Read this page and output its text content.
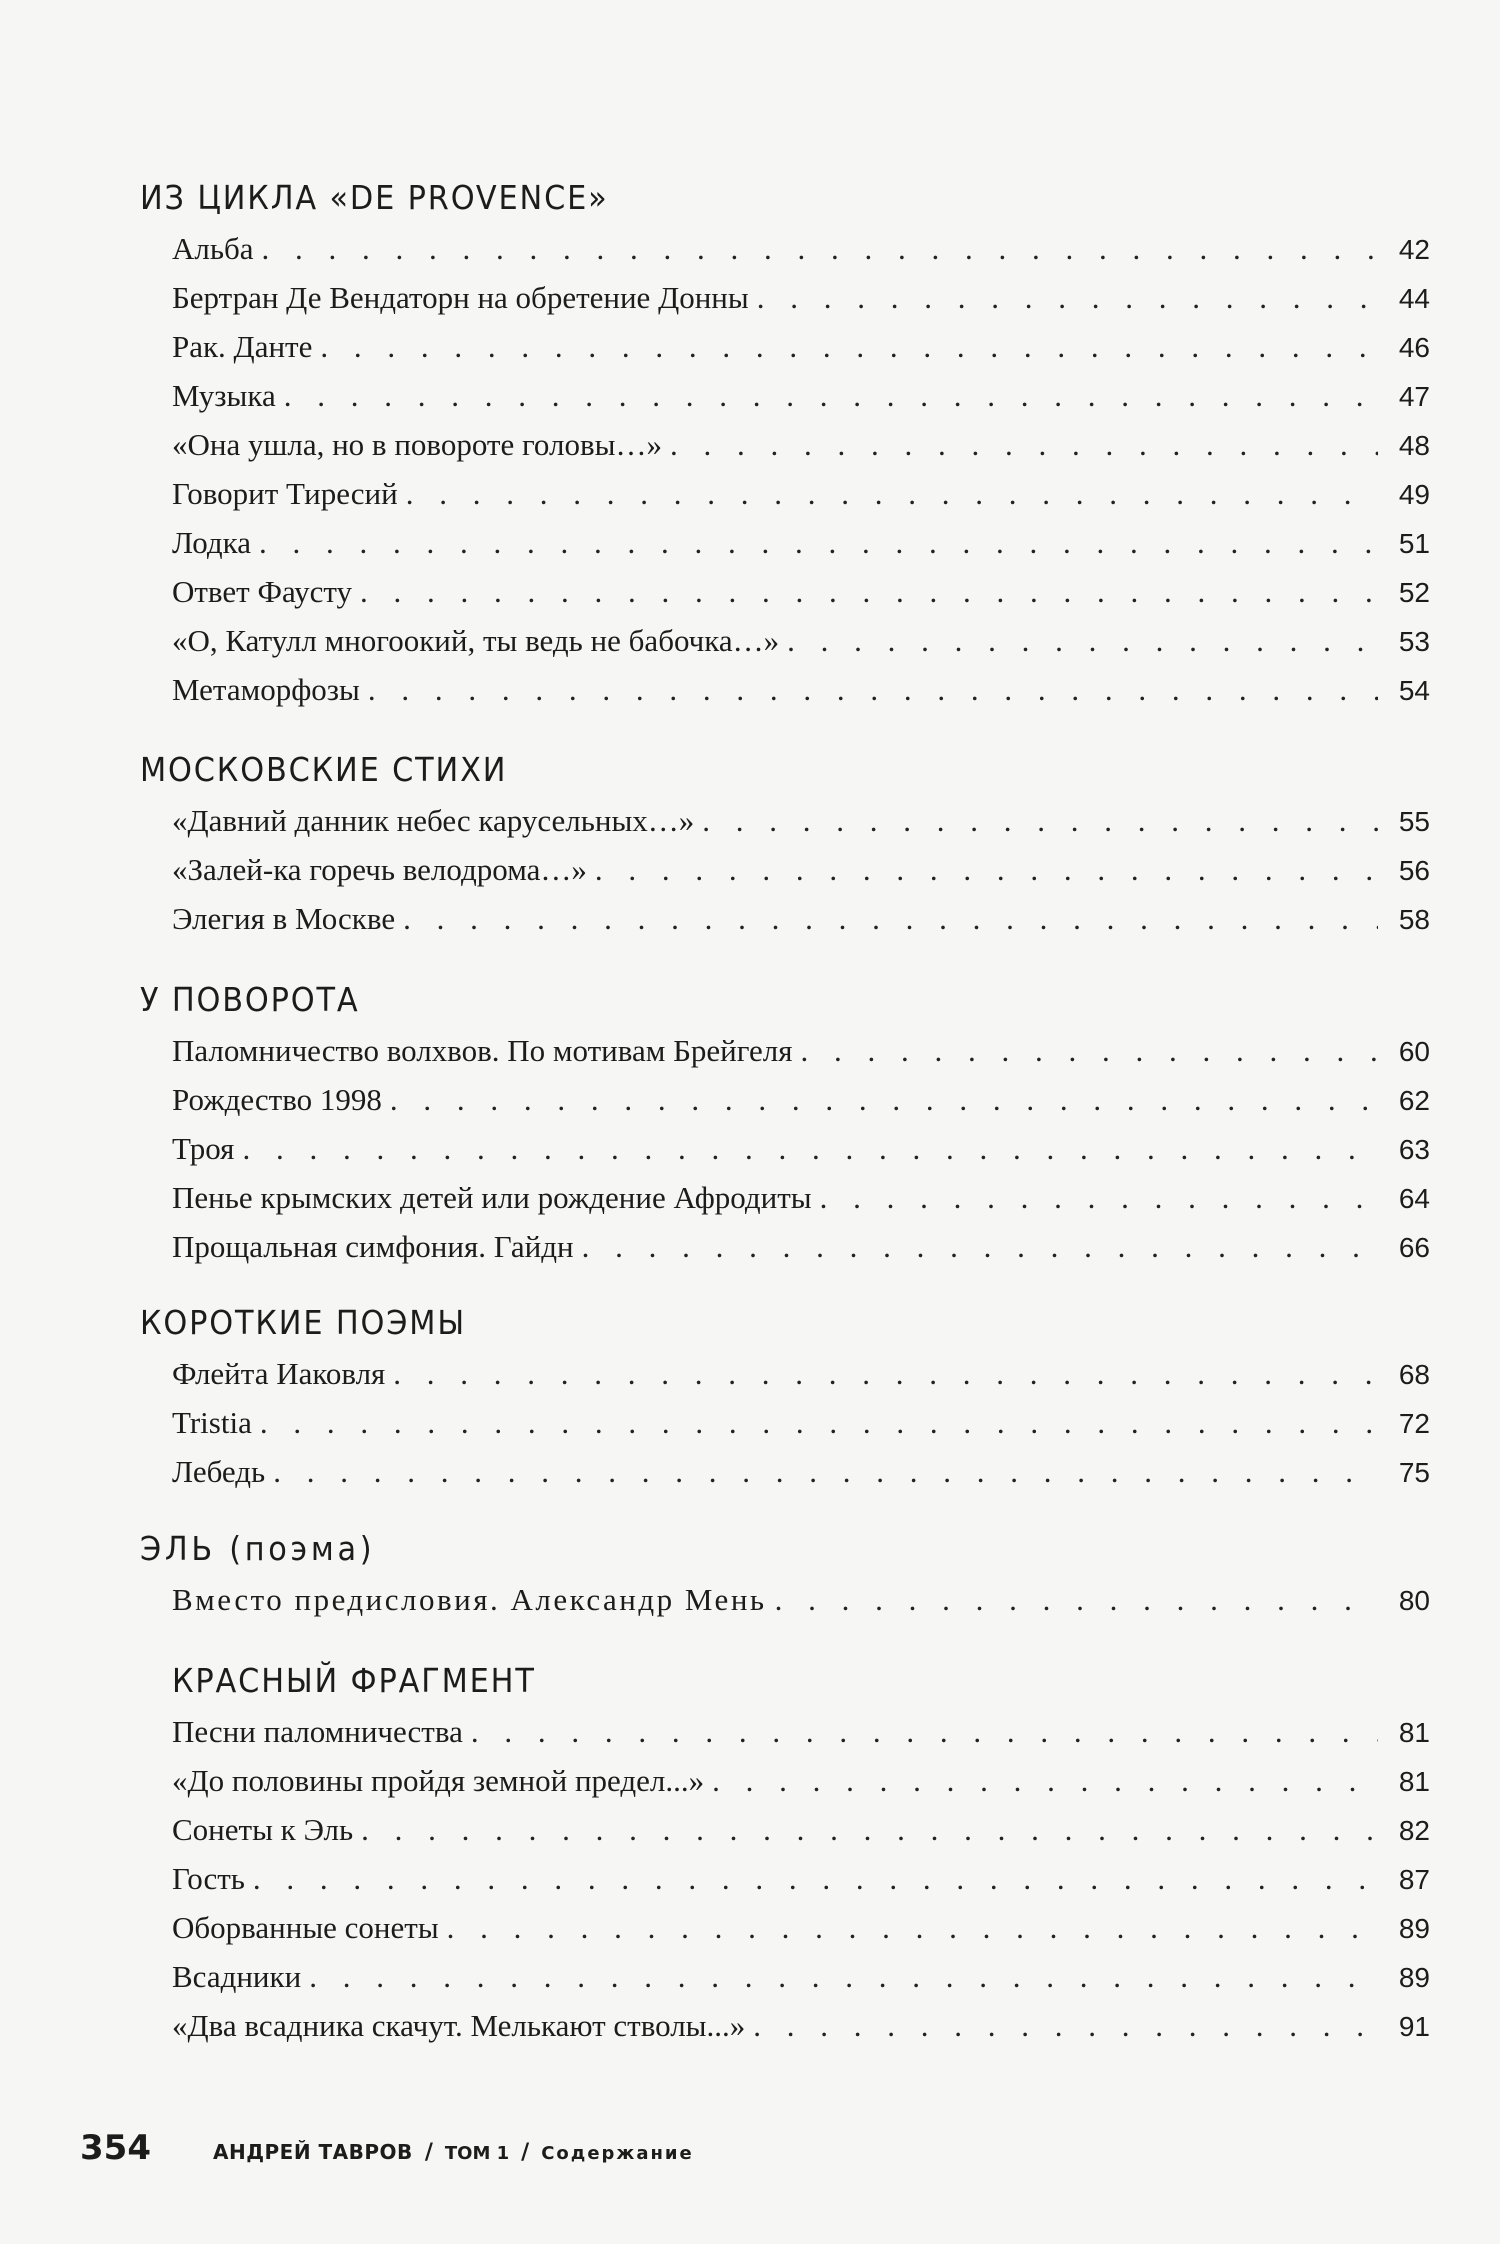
ИЗ ЦИКЛА «DE PROVENCE»
Альба . . .	42
Бертран Де Вендаторн на обретение Донны . . .	44
Рак. Данте . . .	46
Музыка . . .	47
«Она ушла, но в повороте головы…» . . .	48
Говорит Тиресий . . .	49
Лодка . . .	51
Ответ Фаусту . . .	52
«О, Катулл многоокий, ты ведь не бабочка…» . . .	53
Метаморфозы . . .	54
МОСКОВСКИЕ СТИХИ
«Давний данник небес карусельных…» . . .	55
«Залей-ка горечь велодрома…» . . .	56
Элегия в Москве . . .	58
У ПОВОРОТА
Паломничество волхвов. По мотивам Брейгеля . . .	60
Рождество 1998 . . .	62
Троя . . .	63
Пенье крымских детей или рождение Афродиты . . .	64
Прощальная симфония. Гайдн . . .	66
КОРОТКИЕ ПОЭМЫ
Флейта Иаковля . . .	68
Tristia . . .	72
Лебедь . . .	75
ЭЛЬ (поэма)
Вместо предисловия. Александр Мень . . .	80
КРАСНЫЙ ФРАГМЕНТ
Песни паломничества . . .	81
«До половины пройдя земной предел...» . . .	81
Сонеты к Эль . . .	82
Гость . . .	87
Оборванные сонеты . . .	89
Всадники . . .	89
«Два всадника скачут. Мелькают стволы...» . . .	91
354	АНДРЕЙ ТАВРОВ / ТОМ 1 / Содержание
